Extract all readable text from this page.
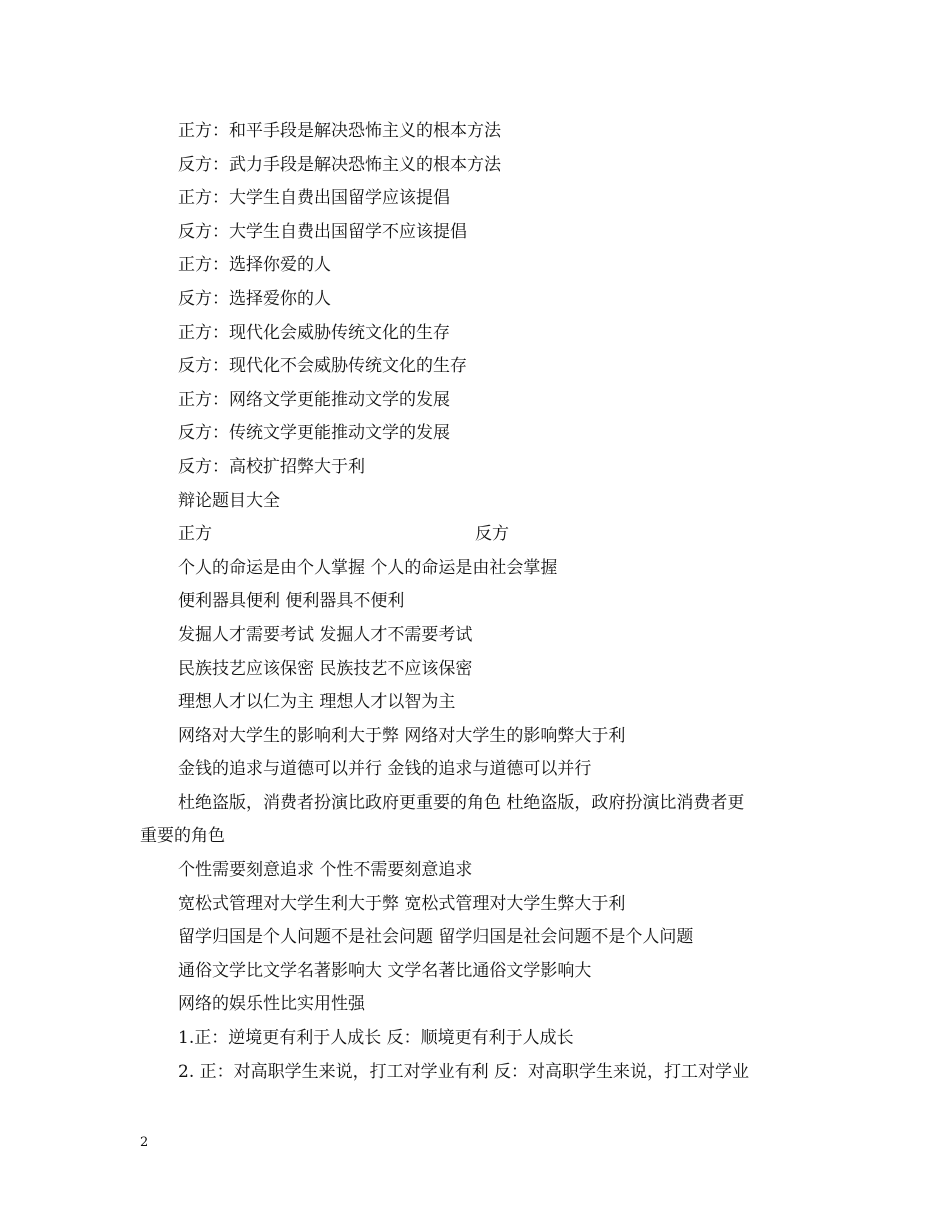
正方：和平手段是解决恐怖主义的根本方法
反方：武力手段是解决恐怖主义的根本方法
正方：大学生自费出国留学应该提倡
反方：大学生自费出国留学不应该提倡
正方：选择你爱的人
反方：选择爱你的人
正方：现代化会威胁传统文化的生存
反方：现代化不会威胁传统文化的生存
正方：网络文学更能推动文学的发展
反方：传统文学更能推动文学的发展
反方：高校扩招弊大于利
辩论题目大全
正方	反方
个人的命运是由个人掌握 个人的命运是由社会掌握
便利器具便利 便利器具不便利
发掘人才需要考试 发掘人才不需要考试
民族技艺应该保密 民族技艺不应该保密
理想人才以仁为主 理想人才以智为主
网络对大学生的影响利大于弊 网络对大学生的影响弊大于利
金钱的追求与道德可以并行 金钱的追求与道德可以并行
杜绝盗版，消费者扮演比政府更重要的角色 杜绝盗版，政府扮演比消费者更
重要的角色
个性需要刻意追求 个性不需要刻意追求
宽松式管理对大学生利大于弊 宽松式管理对大学生弊大于利
留学归国是个人问题不是社会问题 留学归国是社会问题不是个人问题
通俗文学比文学名著影响大 文学名著比通俗文学影响大
网络的娱乐性比实用性强
1.正：逆境更有利于人成长 反：顺境更有利于人成长
2. 正：对高职学生来说，打工对学业有利 反：对高职学生来说，打工对学业
2
